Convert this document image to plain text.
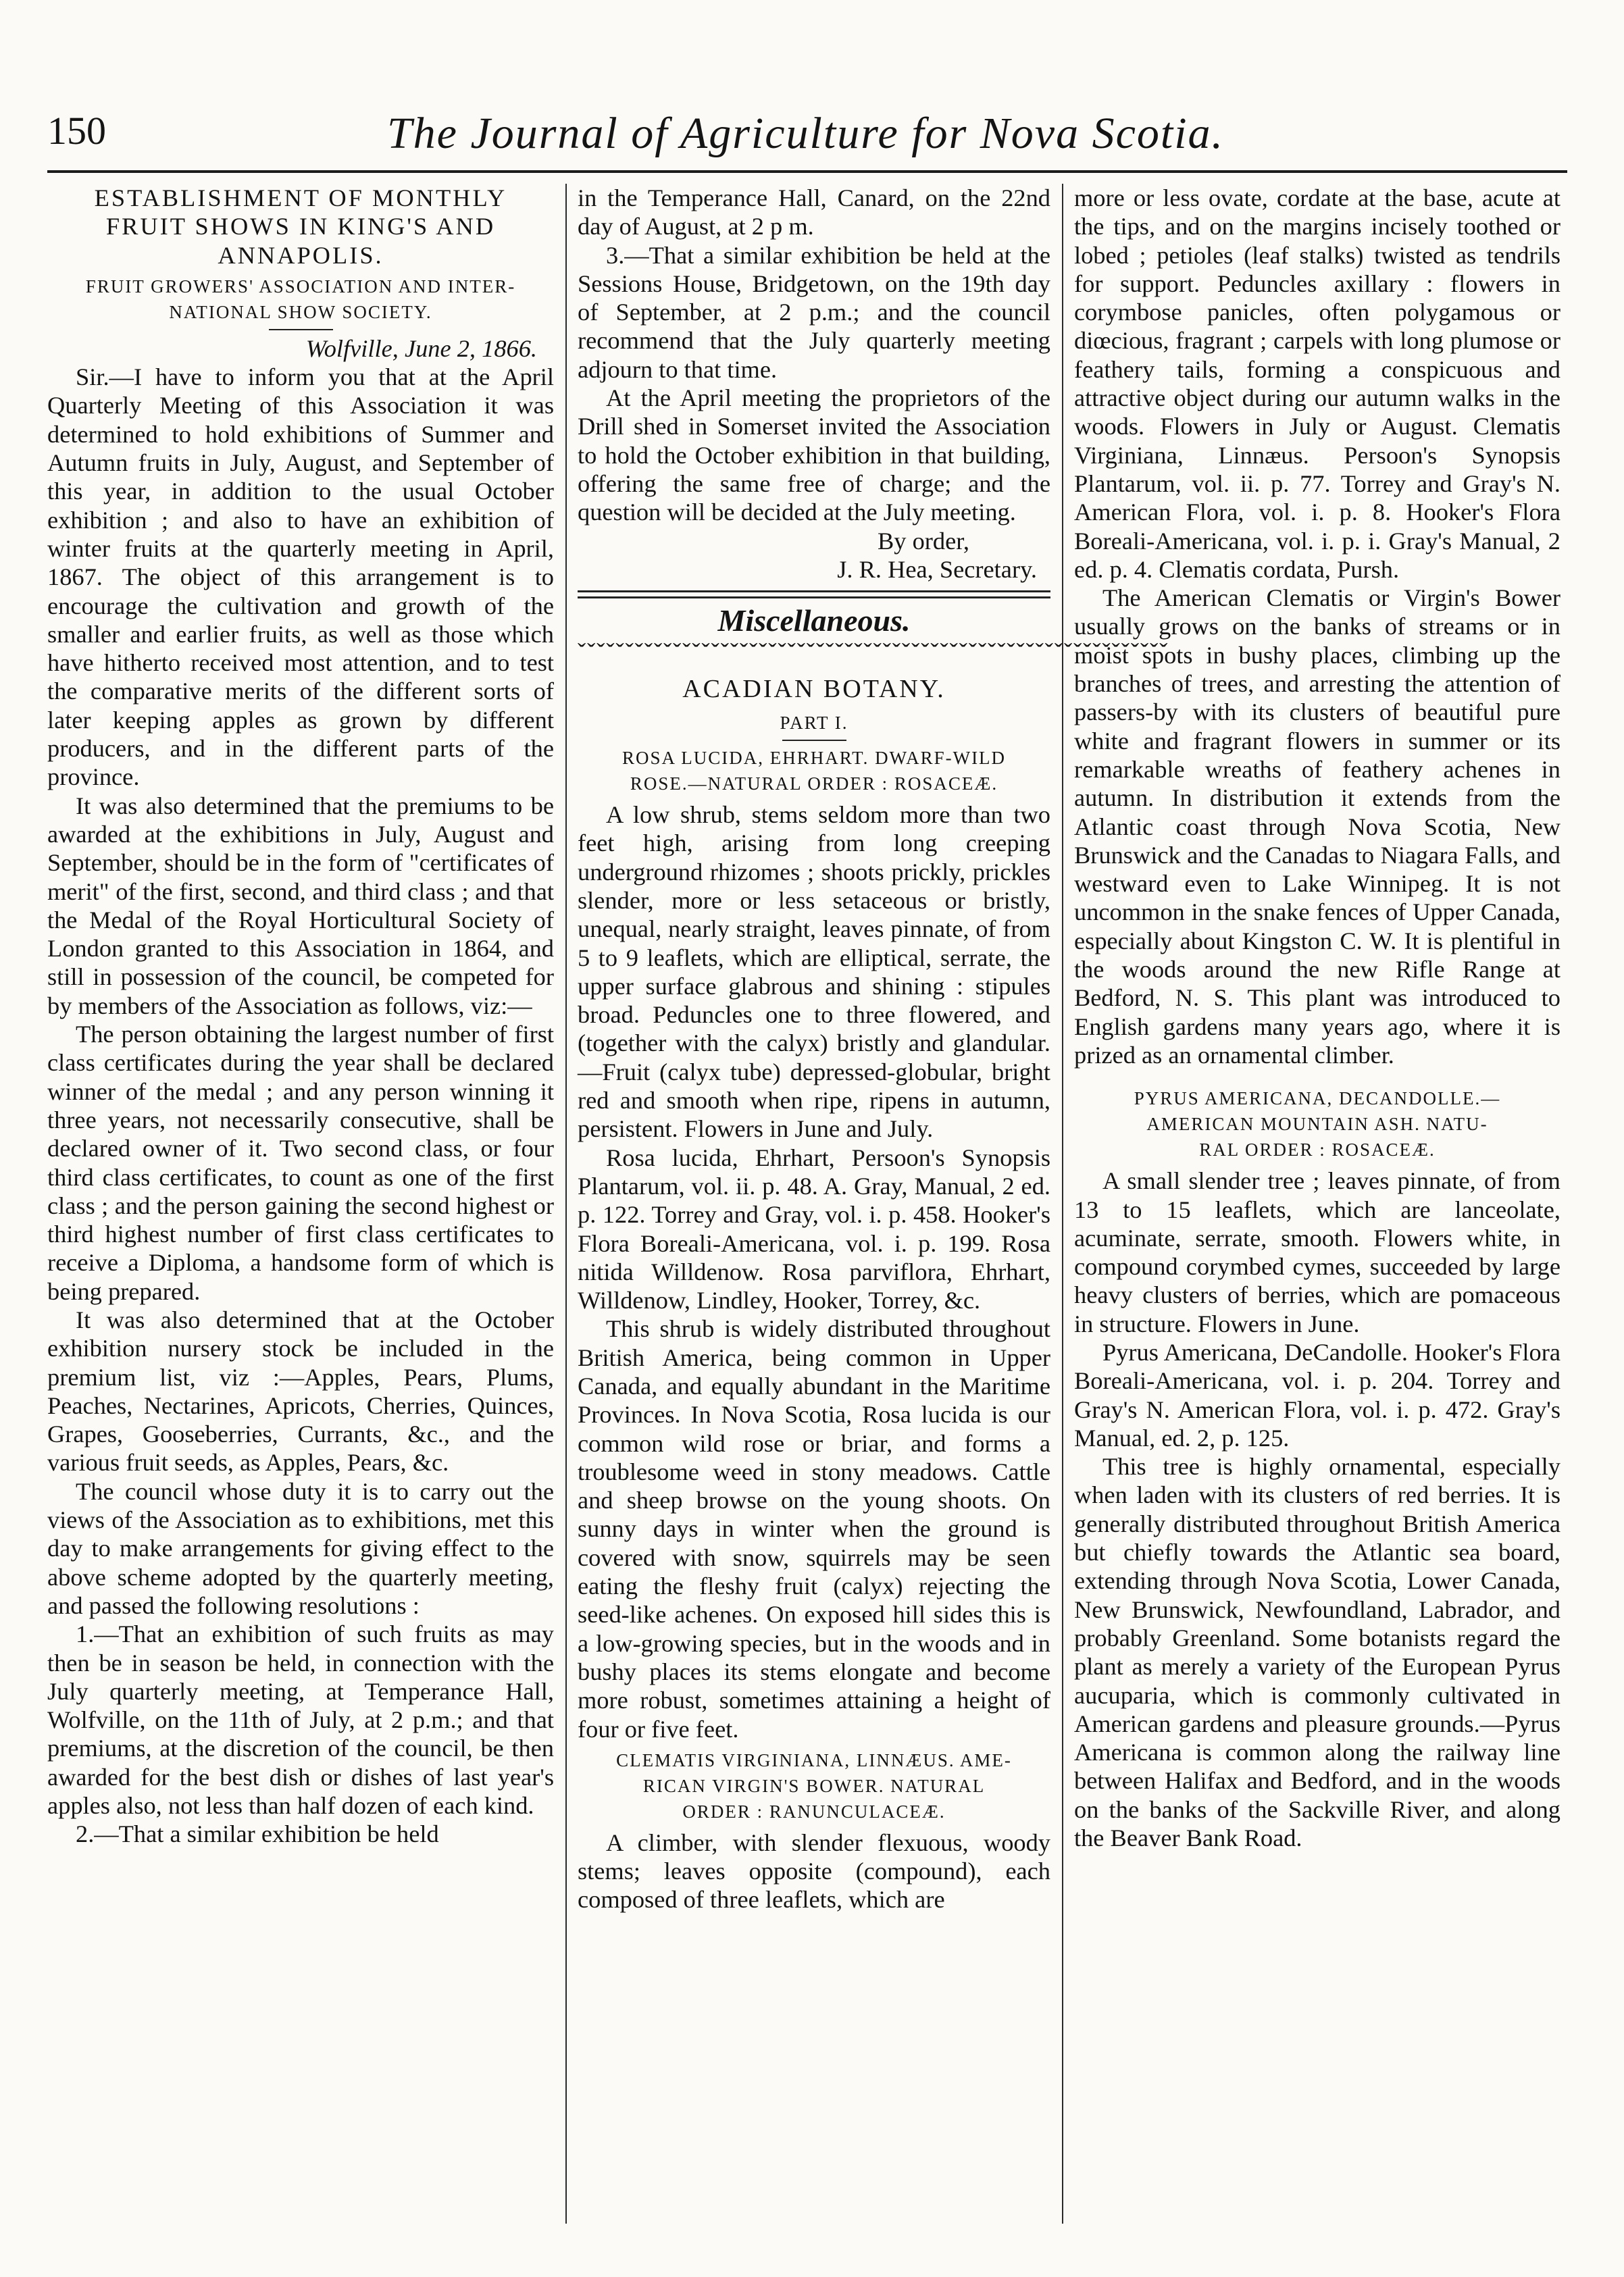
150	The Journal of Agriculture for Nova Scotia.
ESTABLISHMENT OF MONTHLY
FRUIT SHOWS IN KING'S AND
ANNAPOLIS.
FRUIT GROWERS' ASSOCIATION AND INTER-
NATIONAL SHOW SOCIETY.
Wolfville, June 2, 1866.

Sir.—I have to inform you that at the April Quarterly Meeting of this Association it was determined to hold exhibitions of Summer and Autumn fruits in July, August, and September of this year, in addition to the usual October exhibition ; and also to have an exhibition of winter fruits at the quarterly meeting in April, 1867. The object of this arrangement is to encourage the cultivation and growth of the smaller and earlier fruits, as well as those which have hitherto received most attention, and to test the comparative merits of the different sorts of later keeping apples as grown by different producers, and in the different parts of the province.

It was also determined that the premiums to be awarded at the exhibitions in July, August and September, should be in the form of "certificates of merit" of the first, second, and third class ; and that the Medal of the Royal Horticultural Society of London granted to this Association in 1864, and still in possession of the council, be competed for by members of the Association as follows, viz:—

The person obtaining the largest number of first class certificates during the year shall be declared winner of the medal ; and any person winning it three years, not necessarily consecutive, shall be declared owner of it. Two second class, or four third class certificates, to count as one of the first class ; and the person gaining the second highest or third highest number of first class certificates to receive a Diploma, a handsome form of which is being prepared.

It was also determined that at the October exhibition nursery stock be included in the premium list, viz :—Apples, Pears, Plums, Peaches, Nectarines, Apricots, Cherries, Quinces, Grapes, Gooseberries, Currants, &c., and the various fruit seeds, as Apples, Pears, &c.

The council whose duty it is to carry out the views of the Association as to exhibitions, met this day to make arrangements for giving effect to the above scheme adopted by the quarterly meeting, and passed the following resolutions :

1.—That an exhibition of such fruits as may then be in season be held, in connection with the July quarterly meeting, at Temperance Hall, Wolfville, on the 11th of July, at 2 p.m.; and that premiums, at the discretion of the council, be then awarded for the best dish or dishes of last year's apples also, not less than half dozen of each kind.

2.—That a similar exhibition be held

in the Temperance Hall, Canard, on the 22nd day of August, at 2 p m.

3.—That a similar exhibition be held at the Sessions House, Bridgetown, on the 19th day of September, at 2 p.m.; and the council recommend that the July quarterly meeting adjourn to that time.

At the April meeting the proprietors of the Drill shed in Somerset invited the Association to hold the October exhibition in that building, offering the same free of charge; and the question will be decided at the July meeting.

By order,
J. R. Hea, Secretary.
Miscellaneous.
ˇˇˇˇˇˇˇˇˇˇˇˇˇˇˇˇˇˇˇˇˇˇˇˇˇˇˇˇˇˇˇˇˇˇˇˇˇˇˇˇˇˇˇˇˇˇˇˇˇˇˇˇˇˇˇˇˇˇˇˇˇˇ
ACADIAN BOTANY.
PART I.
ROSA LUCIDA, EHRHART. DWARF-WILD
ROSE.—NATURAL ORDER : ROSACEÆ.

A low shrub, stems seldom more than two feet high, arising from long creeping underground rhizomes ; shoots prickly, prickles slender, more or less setaceous or bristly, unequal, nearly straight, leaves pinnate, of from 5 to 9 leaflets, which are elliptical, serrate, the upper surface glabrous and shining : stipules broad. Peduncles one to three flowered, and (together with the calyx) bristly and glandular.—Fruit (calyx tube) depressed-globular, bright red and smooth when ripe, ripens in autumn, persistent. Flowers in June and July.

Rosa lucida, Ehrhart, Persoon's Synopsis Plantarum, vol. ii. p. 48. A. Gray, Manual, 2 ed. p. 122. Torrey and Gray, vol. i. p. 458. Hooker's Flora Boreali-Americana, vol. i. p. 199. Rosa nitida Willdenow. Rosa parviflora, Ehrhart, Willdenow, Lindley, Hooker, Torrey, &c.

This shrub is widely distributed throughout British America, being common in Upper Canada, and equally abundant in the Maritime Provinces. In Nova Scotia, Rosa lucida is our common wild rose or briar, and forms a troublesome weed in stony meadows. Cattle and sheep browse on the young shoots. On sunny days in winter when the ground is covered with snow, squirrels may be seen eating the fleshy fruit (calyx) rejecting the seed-like achenes. On exposed hill sides this is a low-growing species, but in the woods and in bushy places its stems elongate and become more robust, sometimes attaining a height of four or five feet.

CLEMATIS VIRGINIANA, LINNÆUS. AME-
RICAN VIRGIN'S BOWER. NATURAL
ORDER : RANUNCULACEÆ.

A climber, with slender flexuous, woody stems; leaves opposite (compound), each composed of three leaflets, which are

more or less ovate, cordate at the base, acute at the tips, and on the margins incisely toothed or lobed ; petioles (leaf stalks) twisted as tendrils for support. Peduncles axillary : flowers in corymbose panicles, often polygamous or diœcious, fragrant ; carpels with long plumose or feathery tails, forming a conspicuous and attractive object during our autumn walks in the woods. Flowers in July or August. Clematis Virginiana, Linnæus. Persoon's Synopsis Plantarum, vol. ii. p. 77. Torrey and Gray's N. American Flora, vol. i. p. 8. Hooker's Flora Boreali-Americana, vol. i. p. i. Gray's Manual, 2 ed. p. 4. Clematis cordata, Pursh.

The American Clematis or Virgin's Bower usually grows on the banks of streams or in moist spots in bushy places, climbing up the branches of trees, and arresting the attention of passers-by with its clusters of beautiful pure white and fragrant flowers in summer or its remarkable wreaths of feathery achenes in autumn. In distribution it extends from the Atlantic coast through Nova Scotia, New Brunswick and the Canadas to Niagara Falls, and westward even to Lake Winnipeg. It is not uncommon in the snake fences of Upper Canada, especially about Kingston C. W. It is plentiful in the woods around the new Rifle Range at Bedford, N. S. This plant was introduced to English gardens many years ago, where it is prized as an ornamental climber.

PYRUS AMERICANA, DECANDOLLE.—
AMERICAN MOUNTAIN ASH. NATU-
RAL ORDER : ROSACEÆ.

A small slender tree ; leaves pinnate, of from 13 to 15 leaflets, which are lanceolate, acuminate, serrate, smooth. Flowers white, in compound corymbed cymes, succeeded by large heavy clusters of berries, which are pomaceous in structure. Flowers in June.

Pyrus Americana, DeCandolle. Hooker's Flora Boreali-Americana, vol. i. p. 204. Torrey and Gray's N. American Flora, vol. i. p. 472. Gray's Manual, ed. 2, p. 125.

This tree is highly ornamental, especially when laden with its clusters of red berries. It is generally distributed throughout British America but chiefly towards the Atlantic sea board, extending through Nova Scotia, Lower Canada, New Brunswick, Newfoundland, Labrador, and probably Greenland. Some botanists regard the plant as merely a variety of the European Pyrus aucuparia, which is commonly cultivated in American gardens and pleasure grounds.—Pyrus Americana is common along the railway line between Halifax and Bedford, and in the woods on the banks of the Sackville River, and along the Beaver Bank Road.
